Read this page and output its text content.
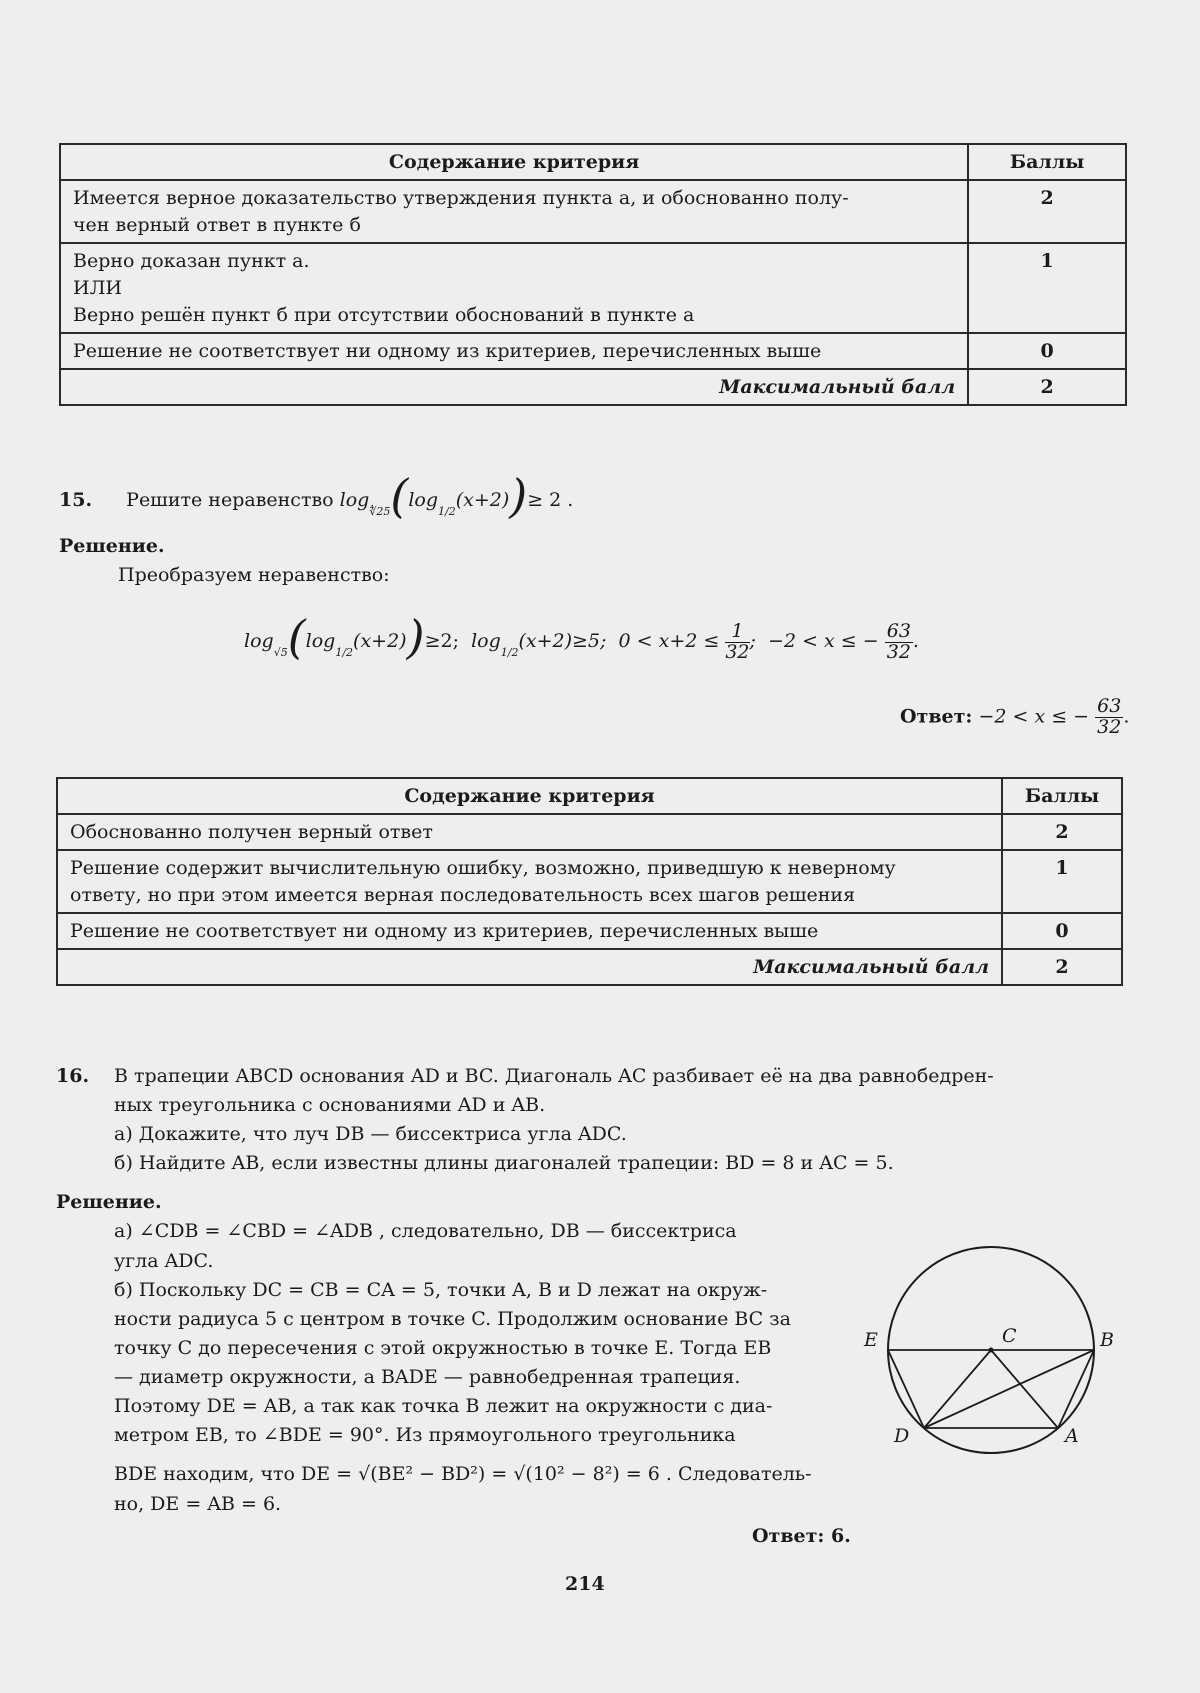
Содержание критерия	Баллы

Имеется верное доказательство утверждения пункта а, и обоснованно полу-
чен верный ответ в пункте б	2

Верно доказан пункт а.
ИЛИ
Верно решён пункт б при отсутствии обоснований в пункте а	1
Решение не соответствует ни одному из критериев, перечисленных выше	0
Максимальный балл	2
15. Решите неравенство $\log_{∜25}(\log_{1/2}(x+2))\ge 2$ .

Решение.

Преобразуем неравенство:

$\log_{√5}(\log_{1/2}(x+2))\ge 2$;  $\log_{1/2}(x+2)\ge 5$; $0 < x+2 \le \frac{1}{32}$ ; −2 < x ≤ − $\frac{63}{32}$ .
Ответ: −2 < x ≤ − $\frac{63}{32}$ .
Содержание критерия	Баллы
Обоснованно получен верный ответ	2

Решение содержит вычислительную ошибку, возможно, приведшую к неверному
ответу, но при этом имеется верная последовательность всех шагов решения	1
Решение не соответствует ни одному из критериев, перечисленных выше	0
Максимальный балл	2

16. В трапеции ABCD основания AD и BC. Диагональ AC разбивает её на два равнобедрен-

ных треугольника с основаниями AD и AB.

а) Докажите, что луч DB — биссектриса угла ADC.

б) Найдите AB, если известны длины диагоналей трапеции: BD = 8 и AC = 5.

Решение.

а) ∠CDB = ∠CBD = ∠ADB , следовательно, DB — биссектриса

угла ADC.

б) Поскольку DC = CB = CA = 5, точки A, B и D лежат на окруж-

ности радиуса 5 с центром в точке C. Продолжим основание BC за

точку C до пересечения с этой окружностью в точке E. Тогда EB

— диаметр окружности, а BADE — равнобедренная трапеция.

Поэтому DE = AB, а так как точка B лежит на окружности с диа-

метром EB, то ∠BDE = 90°. Из прямоугольного треугольника

BDE находим, что DE = √(BE² − BD²) = √(10² − 8²) = 6 . Следователь-

но, DE = AB = 6.

Ответ: 6.

E	C	B
D	A

214
